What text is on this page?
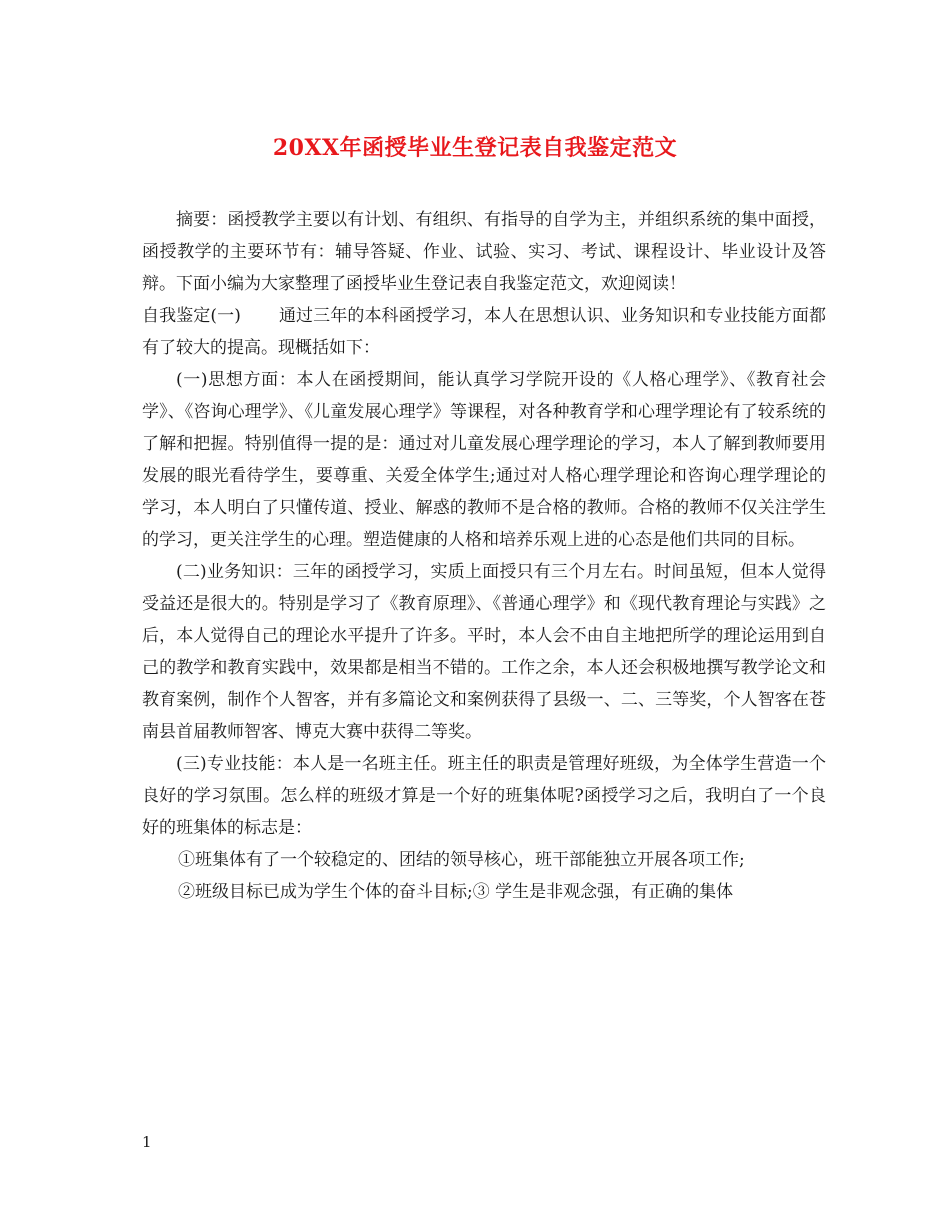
20XX年函授毕业生登记表自我鉴定范文

摘要：函授教学主要以有计划、有组织、有指导的自学为主，并组织系统的集中面授，函授教学的主要环节有：辅导答疑、作业、试验、实习、考试、课程设计、毕业设计及答辩。下面小编为大家整理了函授毕业生登记表自我鉴定范文，欢迎阅读！

自我鉴定(一) 通过三年的本科函授学习，本人在思想认识、业务知识和专业技能方面都有了较大的提高。现概括如下：

(一)思想方面：本人在函授期间，能认真学习学院开设的《人格心理学》、《教育社会学》、《咨询心理学》、《儿童发展心理学》等课程，对各种教育学和心理学理论有了较系统的了解和把握。特别值得一提的是：通过对儿童发展心理学理论的学习，本人了解到教师要用发展的眼光看待学生，要尊重、关爱全体学生;通过对人格心理学理论和咨询心理学理论的学习，本人明白了只懂传道、授业、解惑的教师不是合格的教师。合格的教师不仅关注学生的学习，更关注学生的心理。塑造健康的人格和培养乐观上进的心态是他们共同的目标。

(二)业务知识：三年的函授学习，实质上面授只有三个月左右。时间虽短，但本人觉得受益还是很大的。特别是学习了《教育原理》、《普通心理学》和《现代教育理论与实践》之后，本人觉得自己的理论水平提升了许多。平时，本人会不由自主地把所学的理论运用到自己的教学和教育实践中，效果都是相当不错的。工作之余，本人还会积极地撰写教学论文和教育案例，制作个人智客，并有多篇论文和案例获得了县级一、二、三等奖，个人智客在苍南县首届教师智客、博克大赛中获得二等奖。

(三)专业技能：本人是一名班主任。班主任的职责是管理好班级，为全体学生营造一个良好的学习氛围。怎么样的班级才算是一个好的班集体呢?函授学习之后，我明白了一个良好的班集体的标志是：

①班集体有了一个较稳定的、团结的领导核心，班干部能独立开展各项工作;

②班级目标已成为学生个体的奋斗目标;③ 学生是非观念强，有正确的集体

1
